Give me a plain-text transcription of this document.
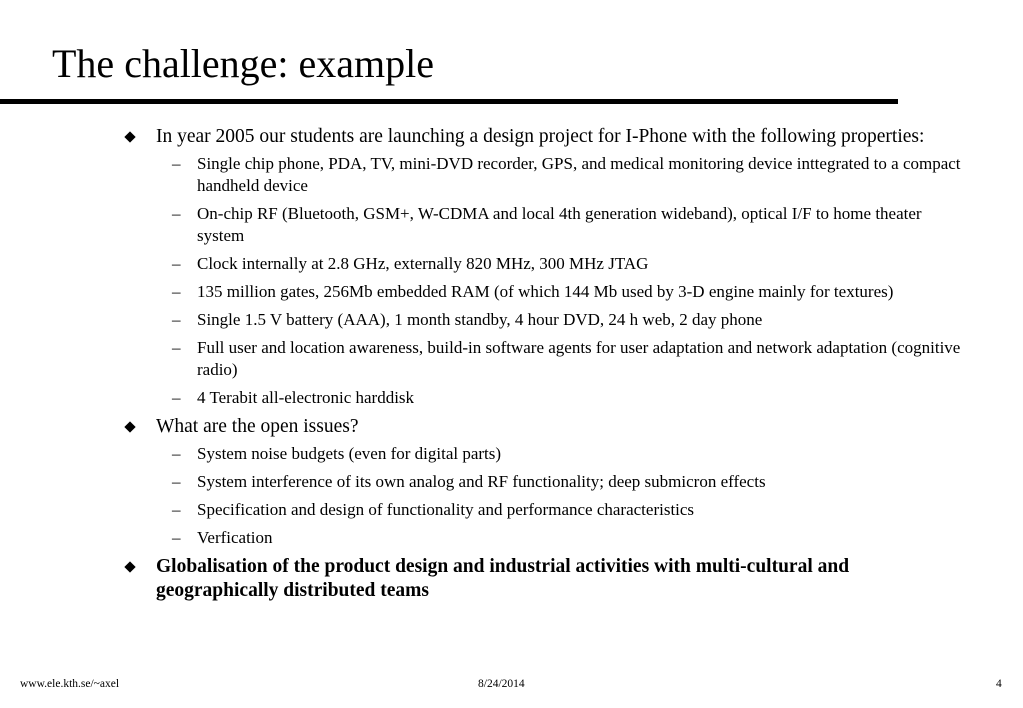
The challenge: example
In year 2005 our students are launching a design project for I-Phone with the following properties:
– Single chip phone, PDA, TV, mini-DVD recorder, GPS, and medical monitoring device inttegrated to a compact handheld device
– On-chip RF (Bluetooth, GSM+, W-CDMA and local 4th generation wideband), optical I/F to home theater system
– Clock internally at 2.8 GHz, externally 820 MHz, 300 MHz JTAG
– 135 million gates, 256Mb embedded RAM (of which 144 Mb used by 3-D engine mainly for textures)
– Single 1.5 V battery (AAA), 1 month standby, 4 hour DVD, 24 h web, 2 day phone
– Full user and location awareness, build-in software agents for user adaptation and network adaptation (cognitive radio)
– 4 Terabit all-electronic harddisk
What are the open issues?
– System noise budgets (even for digital parts)
– System interference of its own analog and RF functionality; deep submicron effects
– Specification and design of functionality and performance characteristics
– Verfication
Globalisation of the product design and industrial activities with multi-cultural and geographically distributed teams
www.ele.kth.se/~axel	8/24/2014	4
